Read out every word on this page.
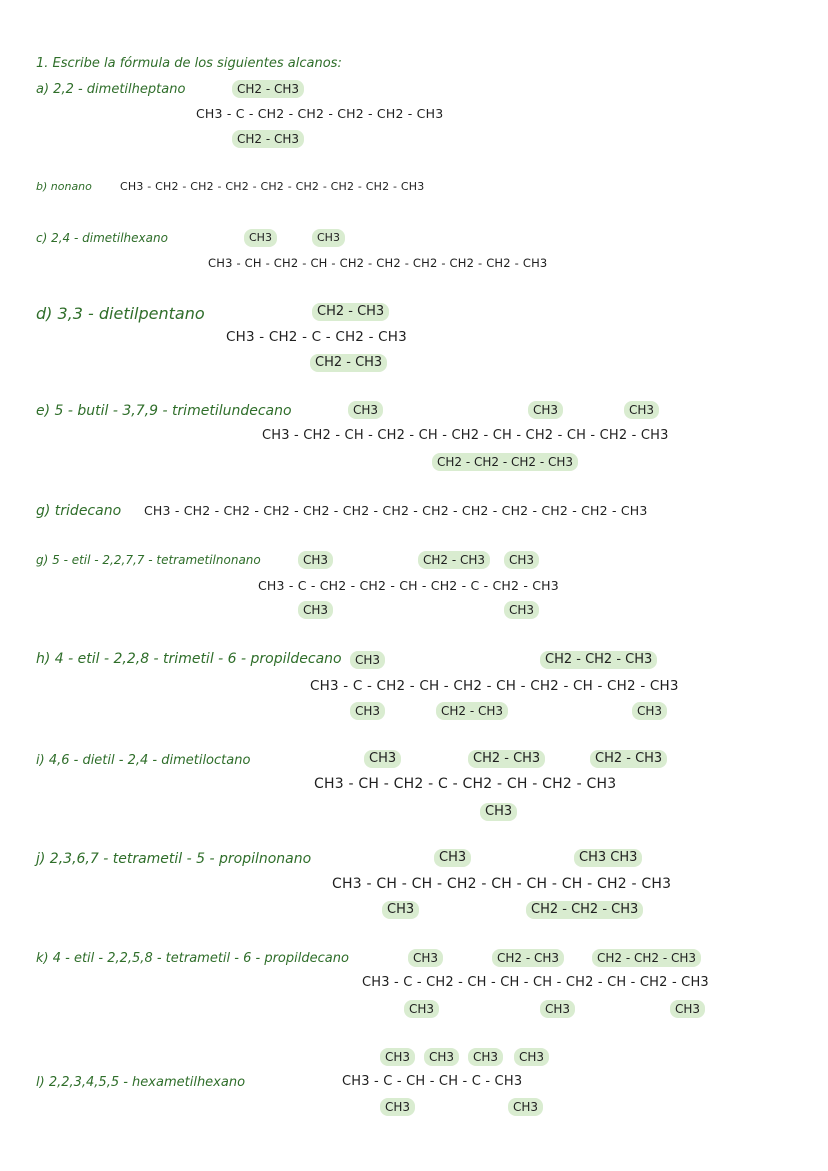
1. Escribe la fórmula de los siguientes alcanos:
a) 2,2 - dimetilheptano	CH2 - CH3
CH3 - C - CH2 - CH2 - CH2 - CH2 - CH3
CH2 - CH3
b) nonano	CH3 - CH2 - CH2 - CH2 - CH2 - CH2 - CH2 - CH2 - CH3
c) 2,4 - dimetilhexano	CH3	CH3
CH3 - CH - CH2 - CH - CH2 - CH2 - CH2 - CH2 - CH2 - CH3
d) 3,3 - dietilpentano	CH2 - CH3
CH3 - CH2 - C - CH2 - CH3
CH2 - CH3
e) 5 - butil - 3,7,9 - trimetilundecano	CH3	CH3	CH3
CH3 - CH2 - CH - CH2 - CH - CH2 - CH - CH2 - CH - CH2 - CH3
CH2 - CH2 - CH2 - CH3
g) tridecano CH3 - CH2 - CH2 - CH2 - CH2 - CH2 - CH2 - CH2 - CH2 - CH2 - CH2 - CH2 - CH3
g) 5 - etil - 2,2,7,7 - tetrametilnonano	CH3	CH2 - CH3	CH3
CH3 - C - CH2 - CH2 - CH - CH2 - C - CH2 - CH3
CH3	CH3
h) 4 - etil - 2,2,8 - trimetil - 6 - propildecano	CH3	CH2 - CH2 - CH3
CH3 - C - CH2 - CH - CH2 - CH - CH2 - CH - CH2 - CH3
CH3	CH2 - CH3	CH3
i) 4,6 - dietil - 2,4 - dimetiloctano	CH3	CH2 - CH3	CH2 - CH3
CH3 - CH - CH2 - C - CH2 - CH - CH2 - CH3
CH3
j) 2,3,6,7 - tetrametil - 5 - propilnonano	CH3	CH3 CH3
CH3 - CH - CH - CH2 - CH - CH - CH - CH2 - CH3
CH3	CH2 - CH2 - CH3
k) 4 - etil - 2,2,5,8 - tetrametil - 6 - propildecano	CH3	CH2 - CH3	CH2 - CH2 - CH3
CH3 - C - CH2 - CH - CH - CH - CH2 - CH - CH2 - CH3
CH3	CH3	CH3
l) 2,2,3,4,5,5 - hexametilhexano
CH3	CH3	CH3	CH3
CH3 - C - CH - CH - C - CH3
CH3	CH3
